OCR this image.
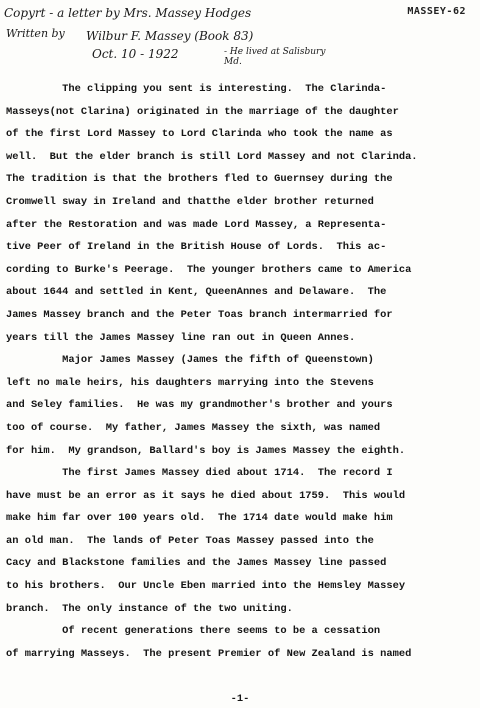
MASSEY-62
Copyrt - a letter by Mrs. Massey Hodges
Written by Wilbur F. Massey (Book 83)
Oct. 10 - 1922	- He lived at Salisbury Md.
The clipping you sent is interesting.  The Clarinda-
Masseys(not Clarina) originated in the marriage of the daughter
of the first Lord Massey to Lord Clarinda who took the name as
well.  But the elder branch is still Lord Massey and not Clarinda.
The tradition is that the brothers fled to Guernsey during the
Cromwell sway in Ireland and thatthe elder brother returned
after the Restoration and was made Lord Massey, a Representa-
tive Peer of Ireland in the British House of Lords.  This ac-
cording to Burke's Peerage.  The younger brothers came to America
about 1644 and settled in Kent, QueenAnnes and Delaware.  The
James Massey branch and the Peter Toas branch intermarried for
years till the James Massey line ran out in Queen Annes.
Major James Massey (James the fifth of Queenstown)
left no male heirs, his daughters marrying into the Stevens
and Seley families.  He was my grandmother's brother and yours
too of course.  My father, James Massey the sixth, was named
for him.  My grandson, Ballard's boy is James Massey the eighth.
The first James Massey died about 1714.  The record I
have must be an error as it says he died about 1759.  This would
make him far over 100 years old.  The 1714 date would make him
an old man.  The lands of Peter Toas Massey passed into the
Cacy and Blackstone families and the James Massey line passed
to his brothers.  Our Uncle Eben married into the Hemsley Massey
branch.  The only instance of the two uniting.
Of recent generations there seems to be a cessation
of marrying Masseys.  The present Premier of New Zealand is named
-1-
